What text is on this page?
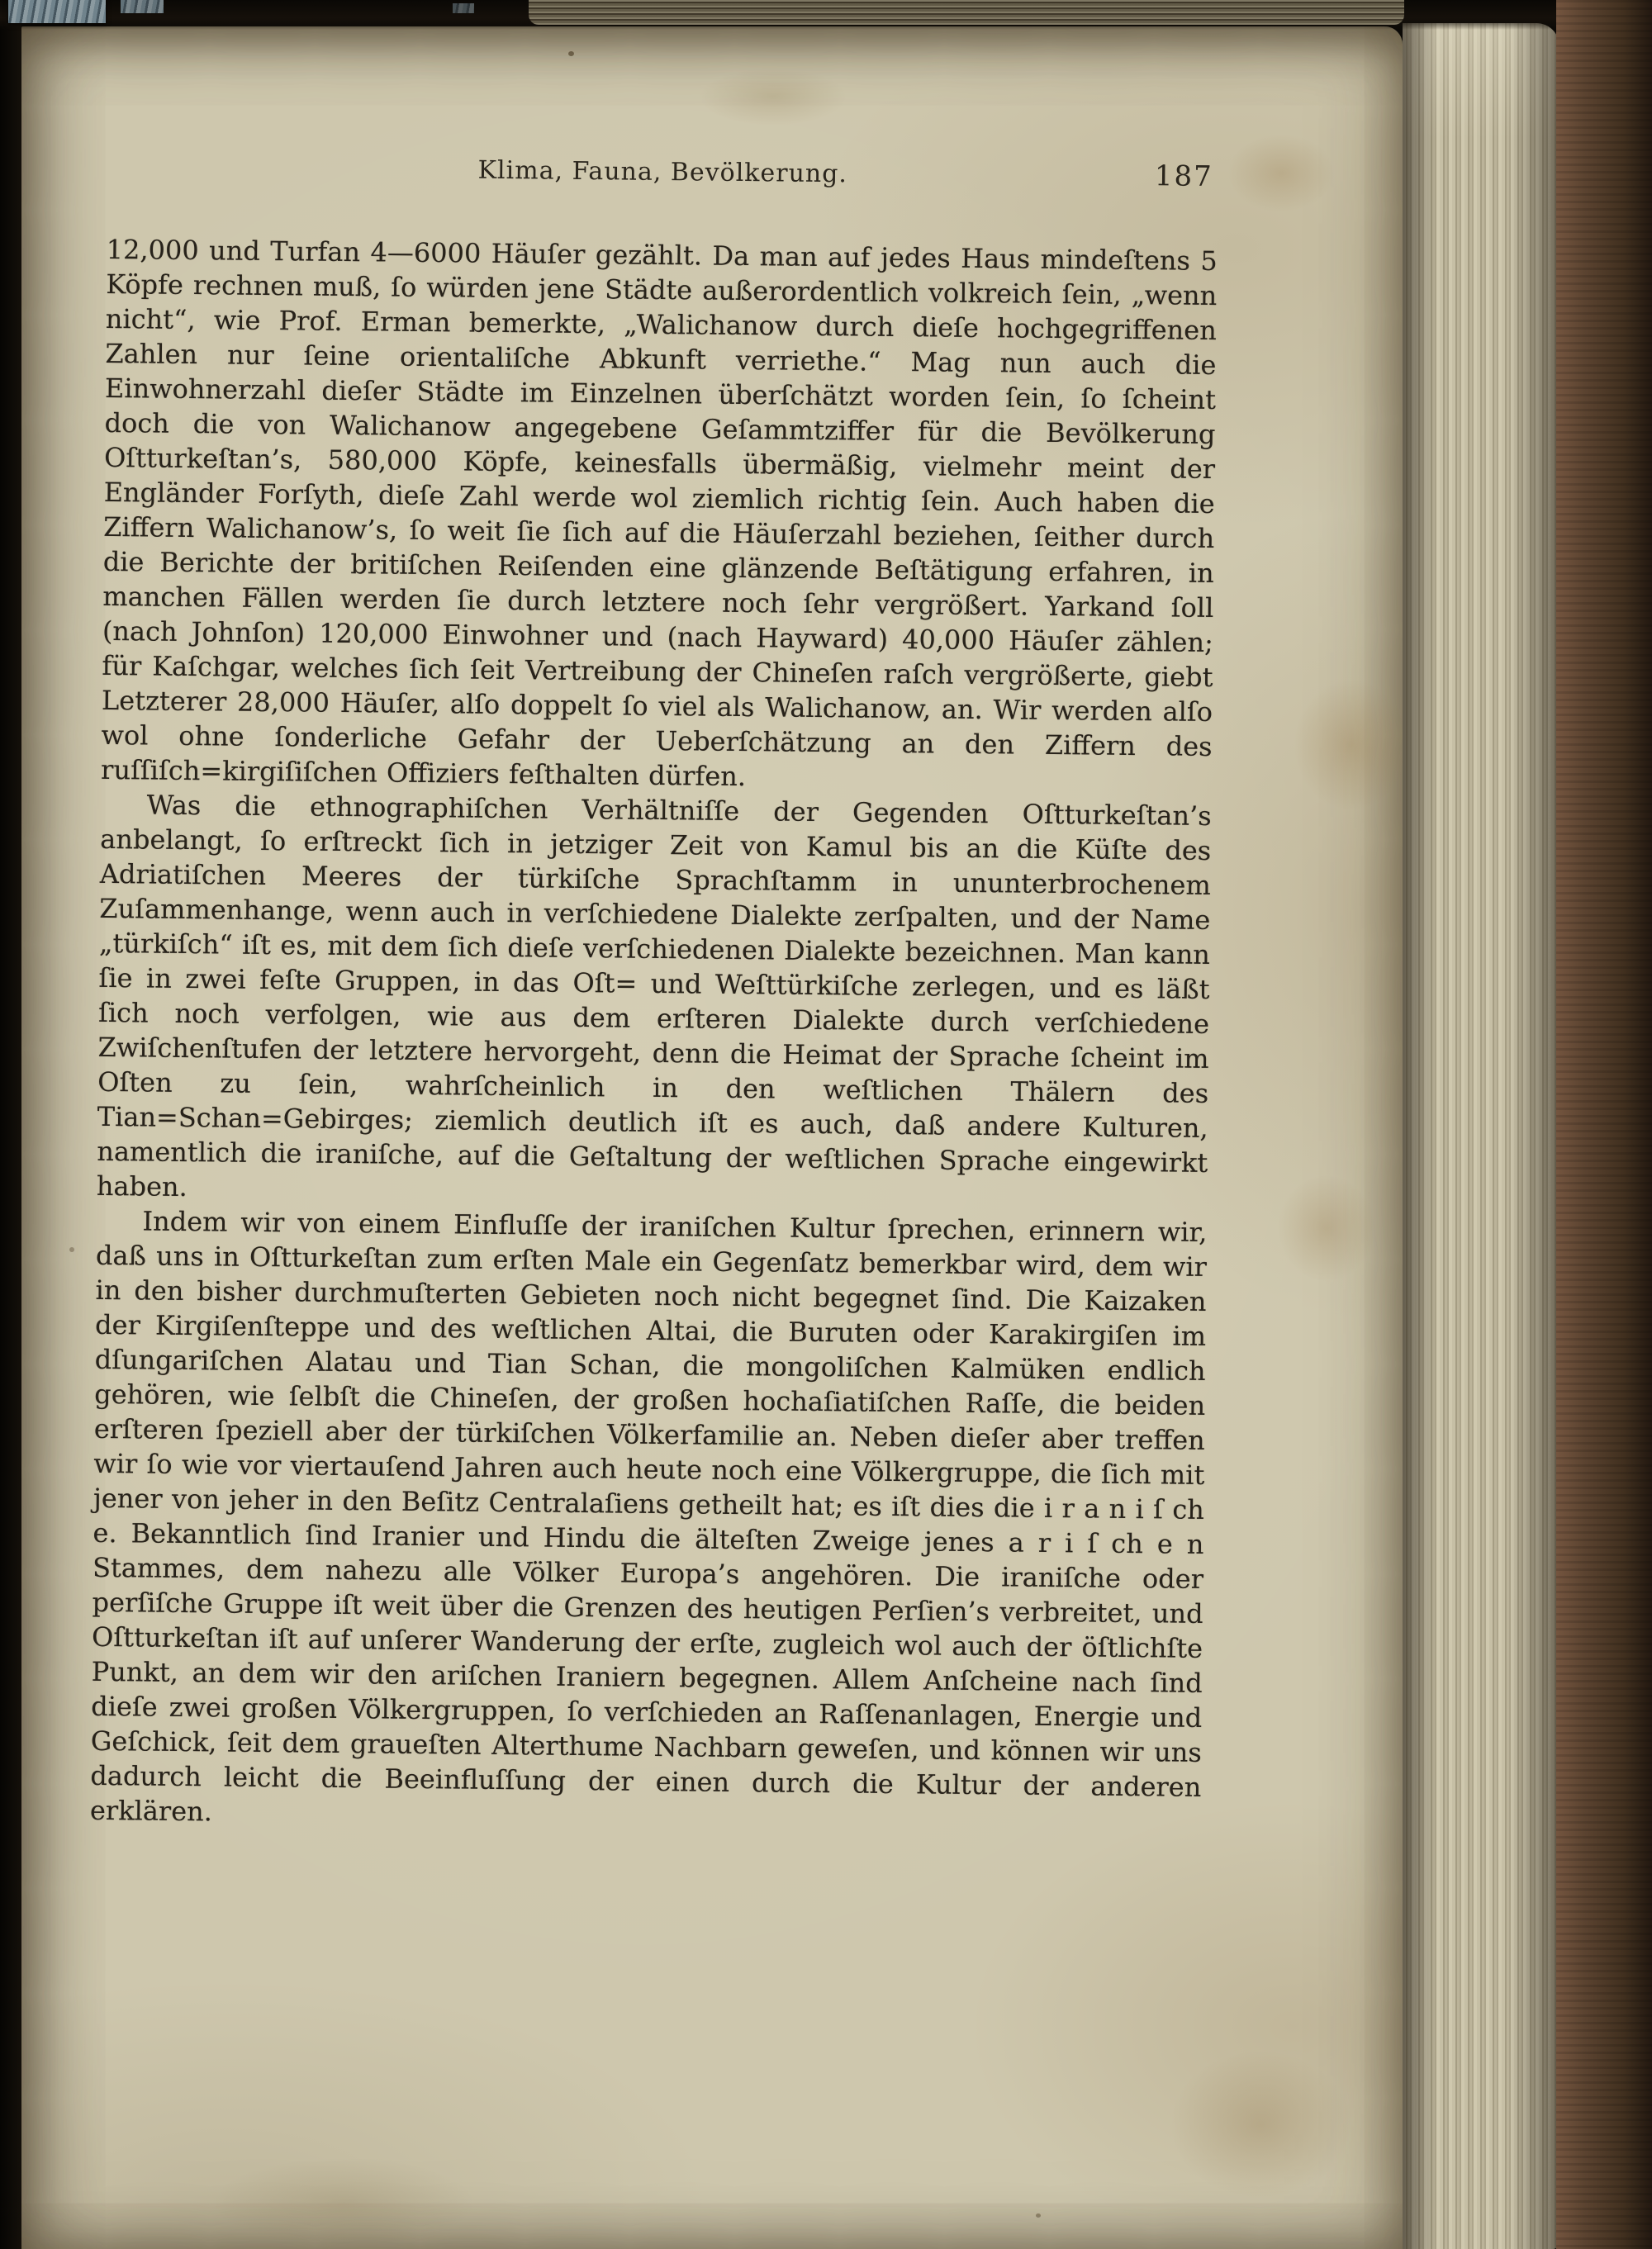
Klima, Fauna, Bevölkerung.	187

12,000 und Turfan 4—6000 Häuſer gezählt. Da man auf jedes Haus mindeſtens 5 Köpfe rechnen muß, ſo würden jene Städte außerordentlich volkreich ſein, „wenn nicht“, wie Prof. Erman bemerkte, „Walichanow durch dieſe hochgegriffenen Zahlen nur ſeine orientaliſche Abkunft verriethe.“ Mag nun auch die Einwohnerzahl dieſer Städte im Einzelnen überſchätzt worden ſein, ſo ſcheint doch die von Walichanow angegebene Geſammtziffer für die Bevölkerung Oſtturkeſtan’s, 580,000 Köpfe, keinesfalls übermäßig, vielmehr meint der Engländer Forſyth, dieſe Zahl werde wol ziemlich richtig ſein. Auch haben die Ziffern Walichanow’s, ſo weit ſie ſich auf die Häuſerzahl beziehen, ſeither durch die Berichte der britiſchen Reiſenden eine glänzende Beſtätigung erfahren, in manchen Fällen werden ſie durch letztere noch ſehr vergrößert. Yarkand ſoll (nach Johnſon) 120,000 Einwohner und (nach Hayward) 40,000 Häuſer zählen; für Kaſchgar, welches ſich ſeit Vertreibung der Chineſen raſch vergrößerte, giebt Letzterer 28,000 Häuſer, alſo doppelt ſo viel als Walichanow, an. Wir werden alſo wol ohne ſonderliche Gefahr der Ueberſchätzung an den Ziffern des ruſſiſch=kirgiſiſchen Offiziers feſthalten dürfen.

Was die ethnographiſchen Verhältniſſe der Gegenden Oſtturkeſtan’s anbelangt, ſo erſtreckt ſich in jetziger Zeit von Kamul bis an die Küſte des Adriatiſchen Meeres der türkiſche Sprachſtamm in ununterbrochenem Zuſammenhange, wenn auch in verſchiedene Dialekte zerſpalten, und der Name „türkiſch“ iſt es, mit dem ſich dieſe verſchiedenen Dialekte bezeichnen. Man kann ſie in zwei feſte Gruppen, in das Oſt= und Weſttürkiſche zerlegen, und es läßt ſich noch verfolgen, wie aus dem erſteren Dialekte durch verſchiedene Zwiſchenſtufen der letztere hervorgeht, denn die Heimat der Sprache ſcheint im Oſten zu ſein, wahrſcheinlich in den weſtlichen Thälern des Tian=Schan=Gebirges; ziemlich deutlich iſt es auch, daß andere Kulturen, namentlich die iraniſche, auf die Geſtaltung der weſtlichen Sprache eingewirkt haben.

Indem wir von einem Einfluſſe der iraniſchen Kultur ſprechen, erinnern wir, daß uns in Oſtturkeſtan zum erſten Male ein Gegenſatz bemerkbar wird, dem wir in den bisher durchmuſterten Gebieten noch nicht begegnet ſind. Die Kaizaken der Kirgiſenſteppe und des weſtlichen Altai, die Buruten oder Karakirgiſen im dſungariſchen Alatau und Tian Schan, die mongoliſchen Kalmüken endlich gehören, wie ſelbſt die Chineſen, der großen hochaſiatiſchen Raſſe, die beiden erſteren ſpeziell aber der türkiſchen Völkerfamilie an. Neben dieſer aber treffen wir ſo wie vor viertauſend Jahren auch heute noch eine Völkergruppe, die ſich mit jener von jeher in den Beſitz Centralaſiens getheilt hat; es iſt dies die i r a n i ſ ch e. Bekanntlich ſind Iranier und Hindu die älteſten Zweige jenes a r i ſ ch e n Stammes, dem nahezu alle Völker Europa’s angehören. Die iraniſche oder perſiſche Gruppe iſt weit über die Grenzen des heutigen Perſien’s verbreitet, und Oſtturkeſtan iſt auf unſerer Wanderung der erſte, zugleich wol auch der öſtlichſte Punkt, an dem wir den ariſchen Iraniern begegnen. Allem Anſcheine nach ſind dieſe zwei großen Völkergruppen, ſo verſchieden an Raſſenanlagen, Energie und Geſchick, ſeit dem graueſten Alterthume Nachbarn geweſen, und können wir uns dadurch leicht die Beeinfluſſung der einen durch die Kultur der anderen erklären.
